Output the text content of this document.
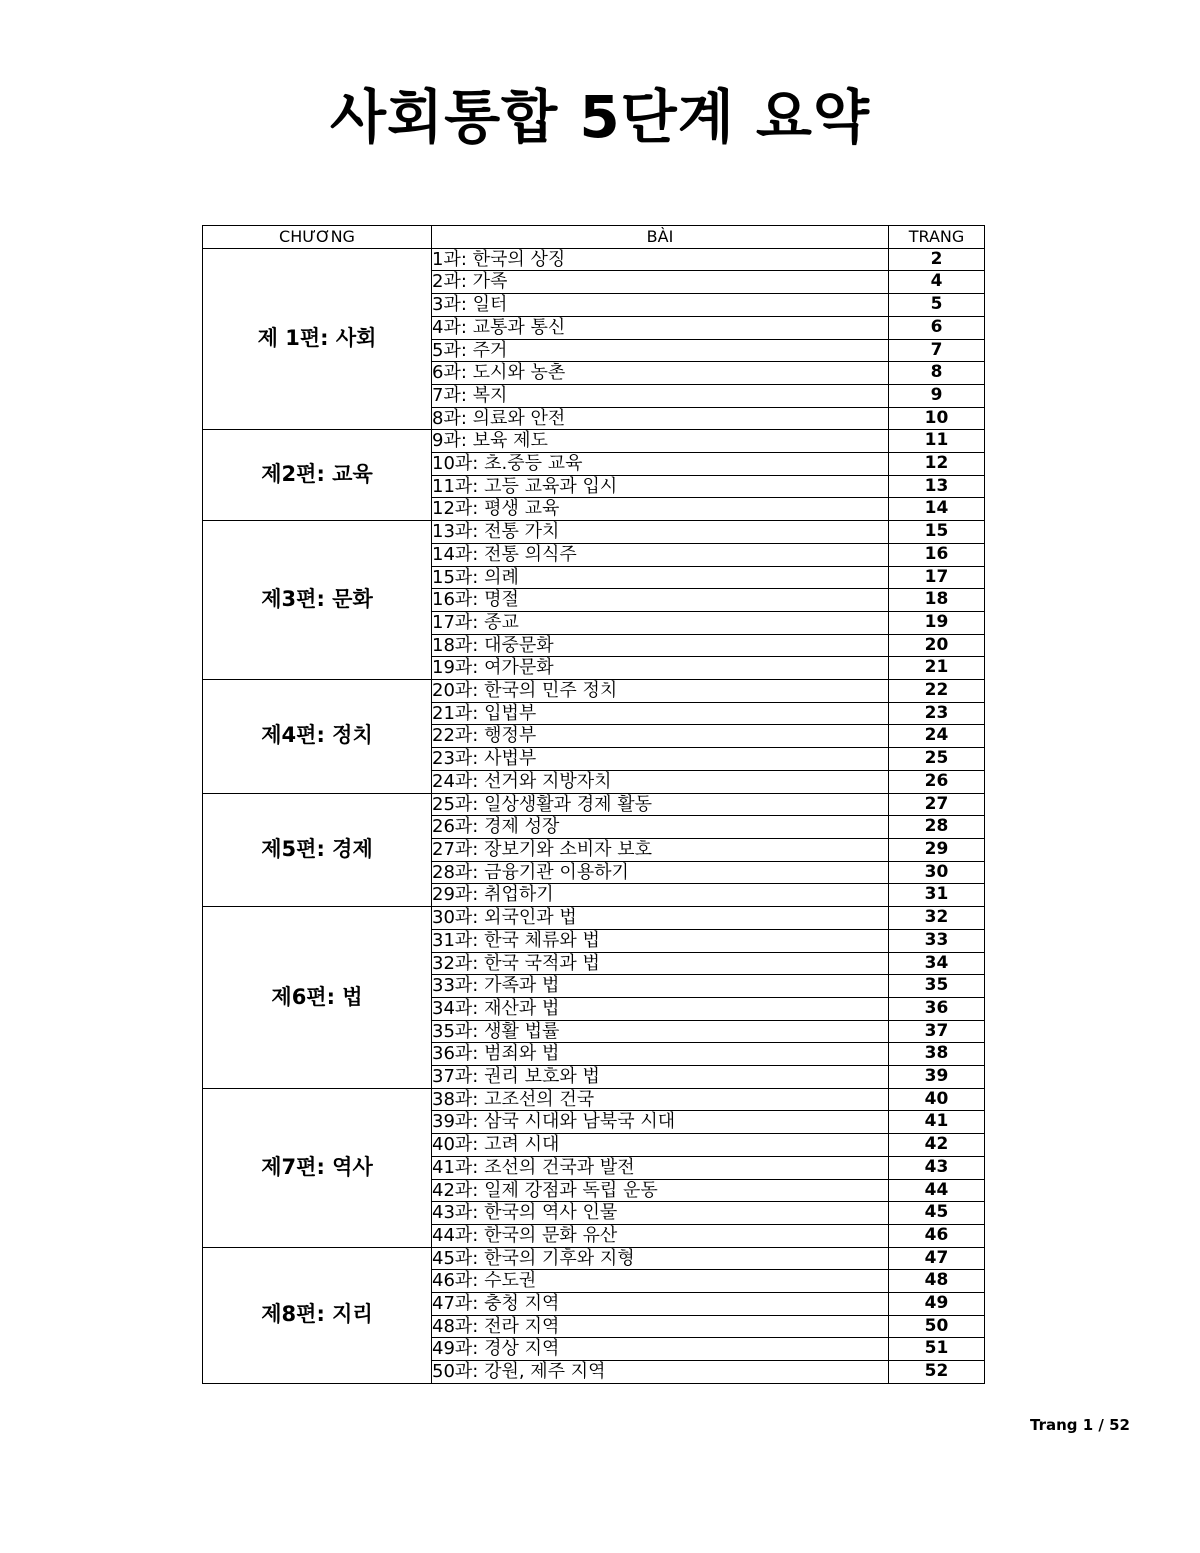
사회통합 5단계 요약
CHƯƠNG	BÀI	TRANG
제 1편: 사회	1과: 한국의 상징	2
	2과: 가족	4
	3과: 일터	5
	4과: 교통과 통신	6
	5과: 주거	7
	6과: 도시와 농촌	8
	7과: 복지	9
	8과: 의료와 안전	10
제2편: 교육	9과: 보육 제도	11
	10과: 초.중등 교육	12
	11과: 고등 교육과 입시	13
	12과: 평생 교육	14
제3편: 문화	13과: 전통 가치	15
	14과: 전통 의식주	16
	15과: 의례	17
	16과: 명절	18
	17과: 종교	19
	18과: 대중문화	20
	19과: 여가문화	21
제4편: 정치	20과: 한국의 민주 정치	22
	21과: 입법부	23
	22과: 행정부	24
	23과: 사법부	25
	24과: 선거와 지방자치	26
제5편: 경제	25과: 일상생활과 경제 활동	27
	26과: 경제 성장	28
	27과: 장보기와 소비자 보호	29
	28과: 금융기관 이용하기	30
	29과: 취업하기	31
제6편: 법	30과: 외국인과 법	32
	31과: 한국 체류와 법	33
	32과: 한국 국적과 법	34
	33과: 가족과 법	35
	34과: 재산과 법	36
	35과: 생활 법률	37
	36과: 범죄와 법	38
	37과: 권리 보호와 법	39
제7편: 역사	38과: 고조선의 건국	40
	39과: 삼국 시대와 남북국 시대	41
	40과: 고려 시대	42
	41과: 조선의 건국과 발전	43
	42과: 일제 강점과 독립 운동	44
	43과: 한국의 역사 인물	45
	44과: 한국의 문화 유산	46
제8편: 지리	45과: 한국의 기후와 지형	47
	46과: 수도권	48
	47과: 충청 지역	49
	48과: 전라 지역	50
	49과: 경상 지역	51
	50과: 강원, 제주 지역	52
Trang 1 / 52
